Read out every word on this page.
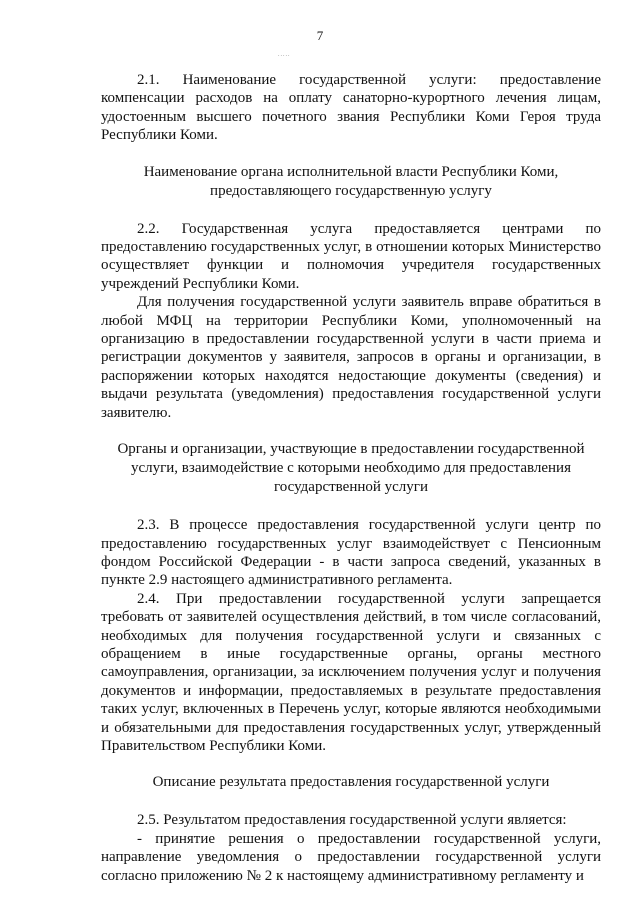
7
.....

2.1. Наименование государственной услуги: предоставление компенсации расходов на оплату санаторно-курортного лечения лицам, удостоенным высшего почетного звания Республики Коми Героя труда Республики Коми.

Наименование органа исполнительной власти Республики Коми, предоставляющего государственную услугу

2.2. Государственная услуга предоставляется центрами по предоставлению государственных услуг, в отношении которых Министерство осуществляет функции и полномочия учредителя государственных учреждений Республики Коми.

Для получения государственной услуги заявитель вправе обратиться в любой МФЦ на территории Республики Коми, уполномоченный на организацию в предоставлении государственной услуги в части приема и регистрации документов у заявителя, запросов в органы и организации, в распоряжении которых находятся недостающие документы (сведения) и выдачи результата (уведомления) предоставления государственной услуги заявителю.

Органы и организации, участвующие в предоставлении государственной услуги, взаимодействие с которыми необходимо для предоставления государственной услуги

2.3. В процессе предоставления государственной услуги центр по предоставлению государственных услуг взаимодействует с Пенсионным фондом Российской Федерации - в части запроса сведений, указанных в пункте 2.9 настоящего административного регламента.

2.4. При предоставлении государственной услуги запрещается требовать от заявителей осуществления действий, в том числе согласований, необходимых для получения государственной услуги и связанных с обращением в иные государственные органы, органы местного самоуправления, организации, за исключением получения услуг и получения документов и информации, предоставляемых в результате предоставления таких услуг, включенных в Перечень услуг, которые являются необходимыми и обязательными для предоставления государственных услуг, утвержденный Правительством Республики Коми.

Описание результата предоставления государственной услуги

2.5. Результатом предоставления государственной услуги является:

- принятие решения о предоставлении государственной услуги, направление уведомления о предоставлении государственной услуги согласно приложению № 2 к настоящему административному регламенту и
